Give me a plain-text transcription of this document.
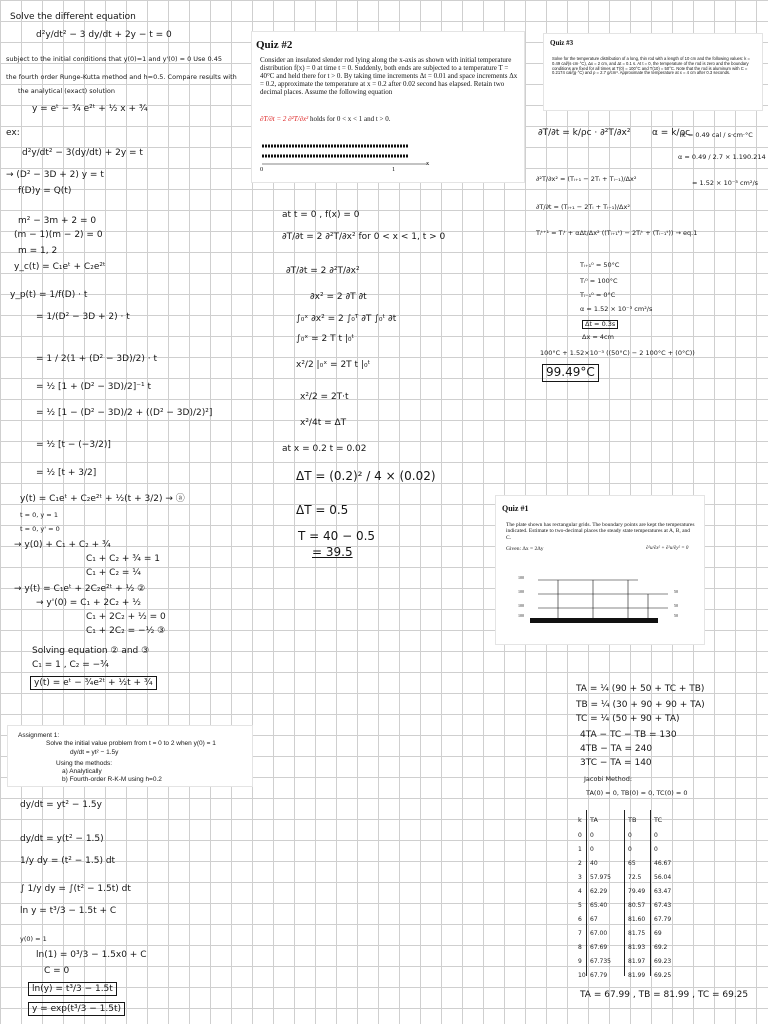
Solve the different equation
d²y/dt² − 3 dy/dt + 2y − t = 0
subject to the initial conditions that y(0)=1 and y'(0) = 0 Use 0.45
the fourth order Runge-Kutta method and h=0.5. Compare results with
the analytical (exact) solution
y = eᵗ − ¾ e²ᵗ + ½ x + ¾
ex:
d²y/dt² − 3(dy/dt) + 2y = t
→ (D² − 3D + 2) y = t
f(D)y = Q(t)
m² − 3m + 2 = 0
(m − 1)(m − 2) = 0
m = 1, 2
y_c(t) = C₁eᵗ + C₂e²ᵗ
y_p(t) = 1/f(D) · t
= 1/(D² − 3D + 2) · t
= 1 / 2(1 + (D² − 3D)/2) · t
= ½ [1 + (D² − 3D)/2]⁻¹ t
= ½ [1 − (D² − 3D)/2 + ((D² − 3D)/2)²]
= ½ [t − (−3/2)]
= ½ [t + 3/2]
y(t) = C₁eᵗ + C₂e²ᵗ + ½(t + 3/2) → ⓐ
t = 0, y = 1
t = 0, y' = 0
→ y(0) + C₁ + C₂ + ¾
C₁ + C₂ + ¾ = 1
C₁ + C₂ = ¼
→ y(t) = C₁eᵗ + 2C₂e²ᵗ + ½ ②
→ y'(0) = C₁ + 2C₂ + ½
C₁ + 2C₂ + ½ = 0
C₁ + 2C₂ = −½ ③
Solving equation ② and ③
C₁ = 1 , C₂ = −¾
y(t) = eᵗ − ¾e²ᵗ + ½t + ¾
Assignment 1:
Solve the initial value problem from t = 0 to 2 when y(0) = 1
dy/dt = yt² − 1.5y
Using the methods:
a) Analytically
b) Fourth-order R-K-M using h=0.2
dy/dt = yt² − 1.5y
dy/dt = y(t² − 1.5)
1/y dy = (t² − 1.5) dt
∫ 1/y dy = ∫(t² − 1.5t) dt
ln y = t³/3 − 1.5t + C
y(0) = 1
ln(1) = 0³/3 − 1.5x0 + C
C = 0
ln(y) = t³/3 − 1.5t
y = exp(t³/3 − 1.5t)
Quiz #2
Consider an insulated slender rod lying along the x-axis as shown with initial temperature distribution f(x) = 0 at time t = 0. Suddenly, both ends are subjected to a temperature T = 40°C and held there for t > 0. By taking time increments Δt = 0.01 and space increments Δx = 0.2, approximate the temperature at x = 0.2 after 0.02 second has elapsed. Retain two decimal places. Assume the following equation
∂T/∂t = 2 ∂²T/∂x² holds for 0 < x < 1 and t > 0.
0	1
x
at t = 0 , f(x) = 0
∂T/∂t = 2 ∂²T/∂x² for 0 < x < 1, t > 0
∂T/∂t = 2 ∂²T/∂x²
∂x² = 2 ∂T ∂t
∫₀ˣ ∂x² = 2 ∫₀ᵀ ∂T ∫₀ᵗ ∂t
∫₀ˣ = 2 T t |₀ᵗ
x²/2 |₀ˣ = 2T t |₀ᵗ
x²/2 = 2T·t
x²/4t = ΔT
at x = 0.2 t = 0.02
ΔT = (0.2)² / 4 × (0.02)
ΔT = 0.5
T = 40 − 0.5
= 39.5
Quiz #3
Solve for the temperature distribution of a long, thin rod with a length of 10 cm and the following values: k = 0.49 cal/(s·cm·°C), Δx = 2 cm, and Δt = 0.1 s. At t = 0, the temperature of the rod is zero and the boundary conditions are fixed for all times at T(0) = 100°C and T(10) = 50°C. Note that the rod is aluminum with C = 0.2174 cal/(g·°C) and ρ = 2.7 g/cm³. Approximate the temperature at x = 4 cm after 0.3 seconds.
∂T/∂t = k/ρc · ∂²T/∂x² α = k/ρc
k = 0.49 cal / s·cm·°C
α = 0.49 / 2.7 × 1.190.214
= 1.52 × 10⁻³ cm²/s
∂²T/∂x² = (Tᵢ₊₁ − 2Tᵢ + Tᵢ₋₁)/Δx²
∂T/∂t = (Tᵢ₊₁ − 2Tᵢ + Tᵢ₋₁)/Δx²
Tᵢᵗ⁺¹ = Tᵢᵗ + αΔt/Δx² ((Tᵢ₊₁ᵗ) − 2Tᵢᵗ + (Tᵢ₋₁ᵗ)) → eq.1
Tᵢ₊₁⁰ = 50°C
Tᵢ⁰ = 100°C
Tᵢ₋₁⁰ = 0°C
α = 1.52 × 10⁻³ cm²/s
Δt = 0.3s
Δx = 4cm
100°C + 1.52×10⁻³ ((50°C) − 2 100°C + (0°C))
99.49°C
Quiz #1
The plate shown has rectangular grids. The boundary points are kept the temperatures indicated. Estimate to two-decimal places the steady state temperatures at A, B, and C.
Given: Δx = 2Δy	∂²u/∂x² + ∂²u/∂y² = 0
100
100
100
100
50
50
50
TA = ¼ (90 + 50 + TC + TB)
TB = ¼ (30 + 90 + 90 + TA)
TC = ¼ (50 + 90 + TA)
4TA − TC − TB = 130
4TB − TA = 240
3TC − TA = 140
Jacobi Method:
TA(0) = 0, TB(0) = 0, TC(0) = 0
k TA	TB	TC
0 0	0	0
1 0	0	0
2 40	65	46.67
3 57.975	72.5 56.04
4 62.29	79.49 63.47
5 65.40	80.57 67.43
6 67	81.60 67.79
7 67.00	81.75 69
8 67.69	81.93 69.2
9 67.735	81.97 69.23
10 67.79	81.99 69.25
TA = 67.99 , TB = 81.99 , TC = 69.25
